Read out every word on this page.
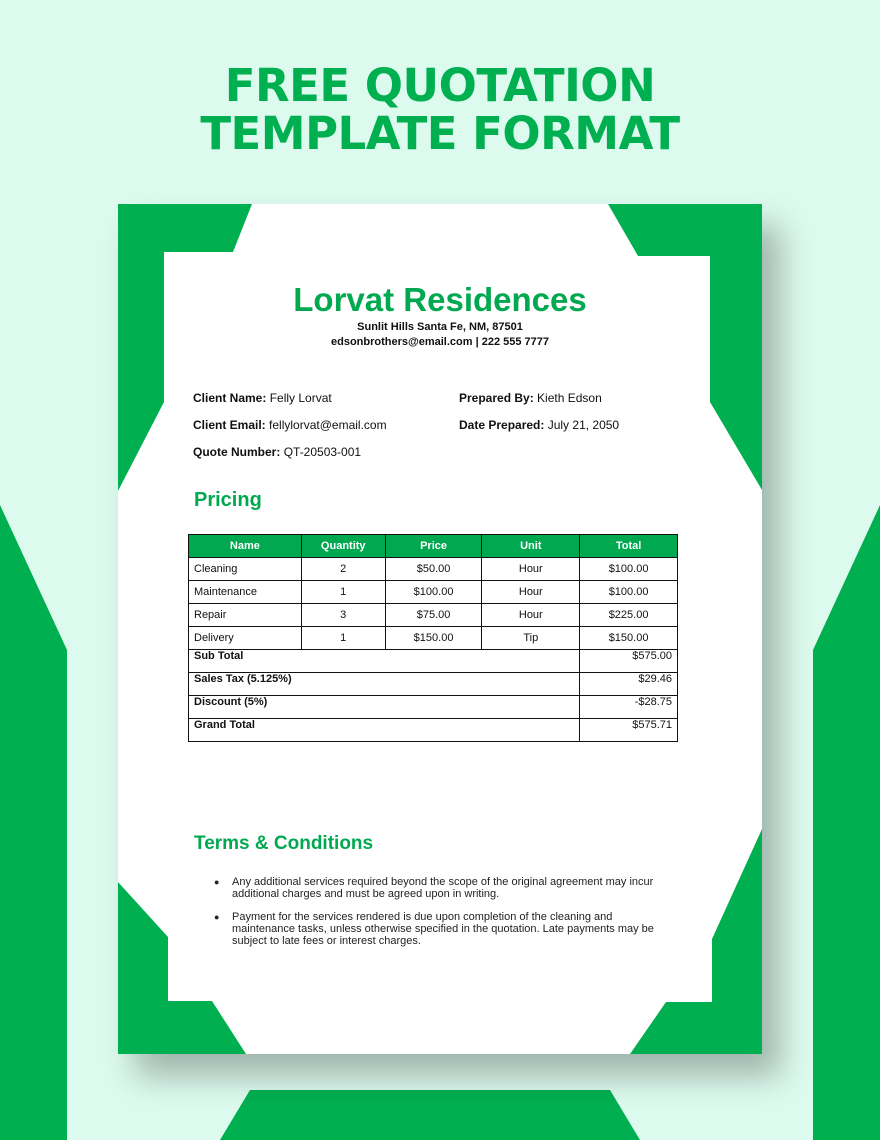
FREE QUOTATION
TEMPLATE FORMAT
Lorvat Residences
Sunlit Hills Santa Fe, NM, 87501
edsonbrothers@email.com | 222 555 7777
Client Name: Felly Lorvat
Client Email: fellylorvat@email.com
Quote Number: QT-20503-001
Prepared By: Kieth Edson
Date Prepared: July 21, 2050
Pricing
Name	Quantity	Price	Unit	Total
Cleaning	2	$50.00	Hour	$100.00
Maintenance	1	$100.00	Hour	$100.00
Repair	3	$75.00	Hour	$225.00
Delivery	1	$150.00	Tip	$150.00
Sub Total				$575.00
Sales Tax (5.125%)				$29.46
Discount (5%)				-$28.75
Grand Total				$575.71
Terms & Conditions
● Any additional services required beyond the scope of the original agreement may incur additional charges and must be agreed upon in writing.
● Payment for the services rendered is due upon completion of the cleaning and maintenance tasks, unless otherwise specified in the quotation. Late payments may be subject to late fees or interest charges.
